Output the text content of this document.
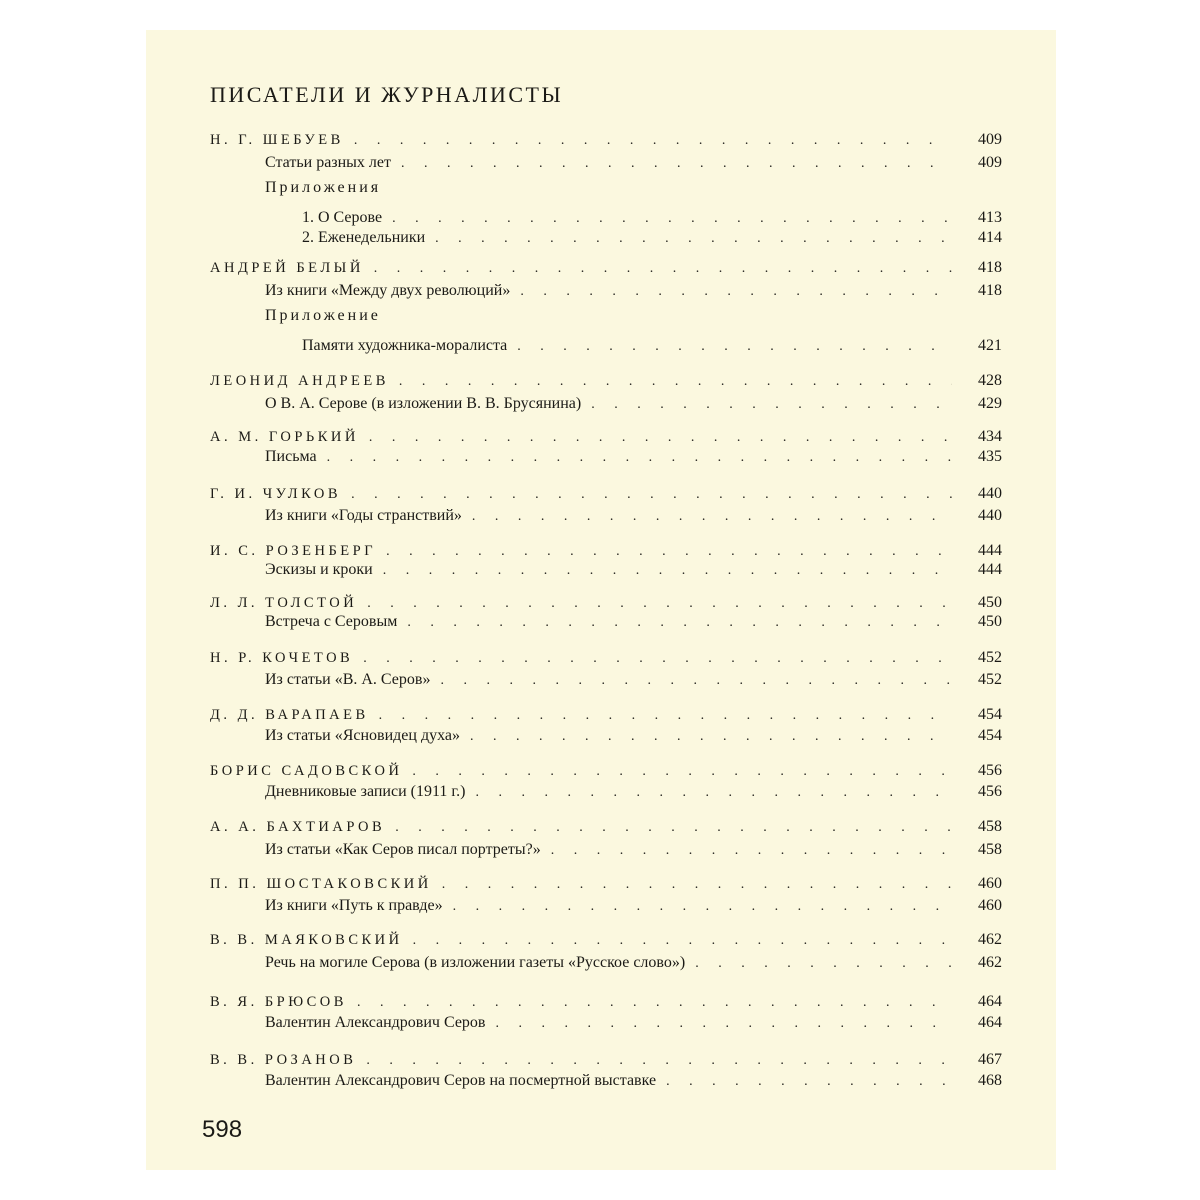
ПИСАТЕЛИ И ЖУРНАЛИСТЫ
Н. Г. ШЕБУЕВ . . .	409
Статьи разных лет . . .	409
Приложения
1. О Серове . . .	413
2. Еженедельники . . .	414
АНДРЕЙ БЕЛЫЙ . . .	418
Из книги «Между двух революций» . . .	418
Приложение
Памяти художника-моралиста . . .	421
ЛЕОНИД АНДРЕЕВ . . .	428
О В. А. Серове (в изложении В. В. Брусянина) . . .	429
А. М. ГОРЬКИЙ . . .	434
Письма . . .	435
Г. И. ЧУЛКОВ . . .	440
Из книги «Годы странствий» . . .	440
И. С. РОЗЕНБЕРГ . . .	444
Эскизы и кроки . . .	444
Л. Л. ТОЛСТОЙ . . .	450
Встреча с Серовым . . .	450
Н. Р. КОЧЕТОВ . . .	452
Из статьи «В. А. Серов» . . .	452
Д. Д. ВАРАПАЕВ . . .	454
Из статьи «Ясновидец духа» . . .	454
БОРИС САДОВСКОЙ . . .	456
Дневниковые записи (1911 г.) . . .	456
А. А. БАХТИАРОВ . . .	458
Из статьи «Как Серов писал портреты?» . . .	458
П. П. ШОСТАКОВСКИЙ . . .	460
Из книги «Путь к правде» . . .	460
В. В. МАЯКОВСКИЙ . . .	462
Речь на могиле Серова (в изложении газеты «Русское слово») . . .	462
В. Я. БРЮСОВ . . .	464
Валентин Александрович Серов . . .	464
В. В. РОЗАНОВ . . .	467
Валентин Александрович Серов на посмертной выставке . . .	468
598
